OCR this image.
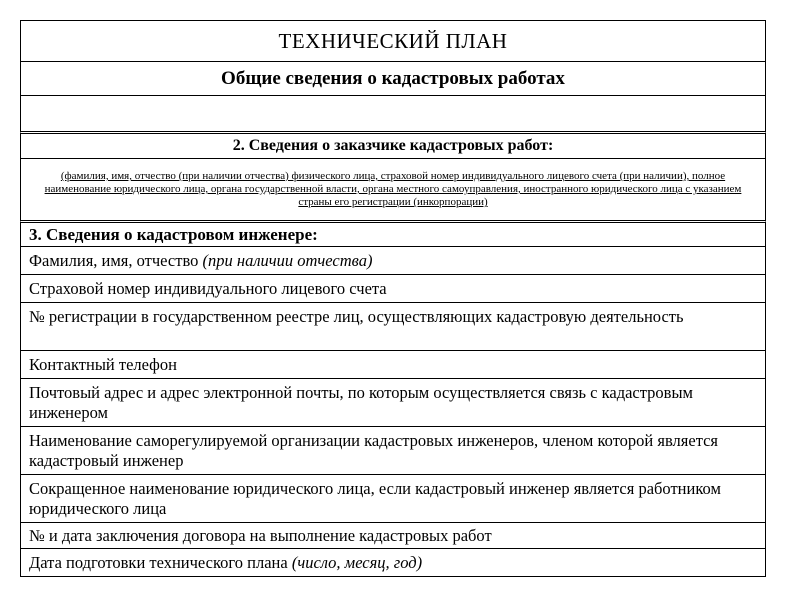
ТЕХНИЧЕСКИЙ ПЛАН
Общие сведения о кадастровых работах
2. Сведения о заказчике кадастровых работ:
(фамилия, имя, отчество (при наличии отчества) физического лица, страховой номер индивидуального лицевого счета (при наличии), полное наименование юридического лица, органа государственной власти, органа местного самоуправления, иностранного юридического лица с указанием страны его регистрации (инкорпорации)
3. Сведения о кадастровом инженере:
Фамилия, имя, отчество (при наличии отчества)
Страховой номер индивидуального лицевого счета
№ регистрации в государственном реестре лиц, осуществляющих кадастровую деятельность
Контактный телефон
Почтовый адрес и адрес электронной почты, по которым осуществляется связь с кадастровым инженером
Наименование саморегулируемой организации кадастровых инженеров, членом которой является кадастровый инженер
Сокращенное наименование юридического лица, если кадастровый инженер является работником юридического лица
№ и дата заключения договора на выполнение кадастровых работ
Дата подготовки технического плана (число, месяц, год)
